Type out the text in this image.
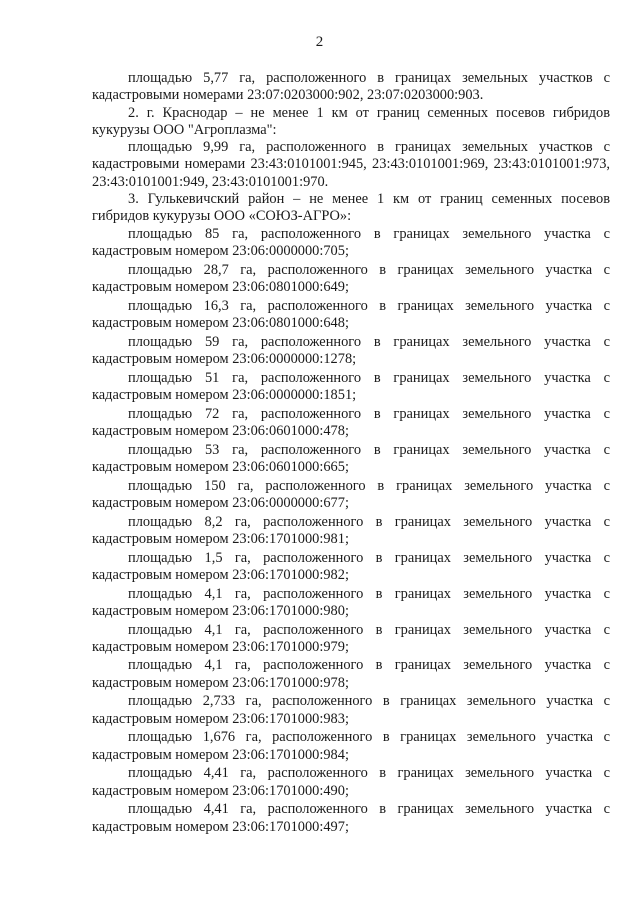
2

площадью 5,77 га, расположенного в границах земельных участков с кадастровыми номерами 23:07:0203000:902, 23:07:0203000:903.

2. г. Краснодар – не менее 1 км от границ семенных посевов гибридов кукурузы ООО "Агроплазма":

площадью 9,99 га, расположенного в границах земельных участков с кадастровыми номерами 23:43:0101001:945, 23:43:0101001:969, 23:43:0101001:973, 23:43:0101001:949, 23:43:0101001:970.

3. Гулькевичский район – не менее 1 км от границ семенных посевов гибридов кукурузы ООО «СОЮЗ-АГРО»:

площадью 85 га, расположенного в границах земельного участка с
кадастровым номером 23:06:0000000:705;
площадью 28,7 га, расположенного в границах земельного участка с
кадастровым номером 23:06:0801000:649;
площадью 16,3 га, расположенного в границах земельного участка с
кадастровым номером 23:06:0801000:648;
площадью 59 га, расположенного в границах земельного участка с
кадастровым номером 23:06:0000000:1278;
площадью 51 га, расположенного в границах земельного участка с
кадастровым номером 23:06:0000000:1851;
площадью 72 га, расположенного в границах земельного участка с
кадастровым номером 23:06:0601000:478;
площадью 53 га, расположенного в границах земельного участка с
кадастровым номером 23:06:0601000:665;
площадью 150 га, расположенного в границах земельного участка с
кадастровым номером 23:06:0000000:677;
площадью 8,2 га, расположенного в границах земельного участка с
кадастровым номером 23:06:1701000:981;
площадью 1,5 га, расположенного в границах земельного участка с
кадастровым номером 23:06:1701000:982;
площадью 4,1 га, расположенного в границах земельного участка с
кадастровым номером 23:06:1701000:980;
площадью 4,1 га, расположенного в границах земельного участка с
кадастровым номером 23:06:1701000:979;
площадью 4,1 га, расположенного в границах земельного участка с
кадастровым номером 23:06:1701000:978;
площадью 2,733 га, расположенного в границах земельного участка с
кадастровым номером 23:06:1701000:983;
площадью 1,676 га, расположенного в границах земельного участка с
кадастровым номером 23:06:1701000:984;
площадью 4,41 га, расположенного в границах земельного участка с
кадастровым номером 23:06:1701000:490;
площадью 4,41 га, расположенного в границах земельного участка с
кадастровым номером 23:06:1701000:497;
